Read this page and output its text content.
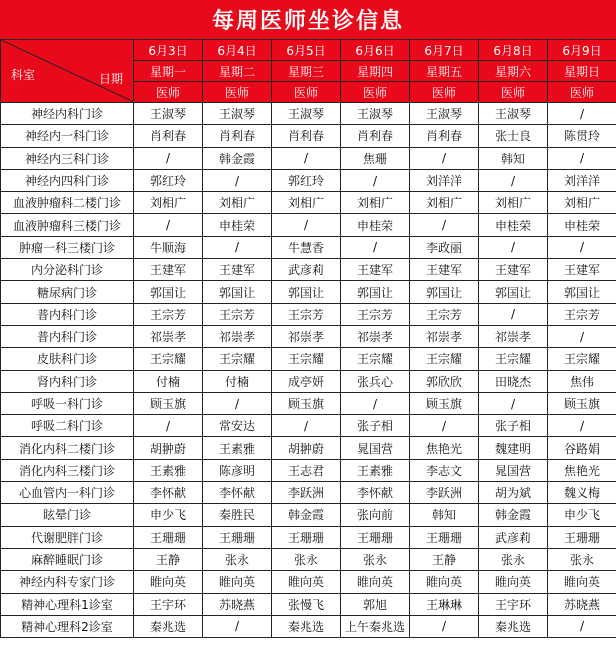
每周医师坐诊信息
科室 日期	6月3日	6月4日	6月5日	6月6日	6月7日	6月8日	6月9日
	星期一	星期二	星期三	星期四	星期五	星期六	星期日
	医师	医师	医师	医师	医师	医师	医师
神经内科门诊	王淑琴	王淑琴	王淑琴	王淑琴	王淑琴	王淑琴	/
神经内一科门诊	肖利春	肖利春	肖利春	肖利春	肖利春	张士良	陈贯玲
神经内三科门诊	/	韩金霞	/	焦珊	/	韩知	/
神经内四科门诊	郭红玲	/	郭红玲	/	刘洋洋	/	刘洋洋
血液肿瘤科二楼门诊	刘相广	刘相广	刘相广	刘相广	刘相广	刘相广	刘相广
血液肿瘤科三楼门诊	/	申桂荣	/	申桂荣	/	申桂荣	申桂荣
肿瘤一科三楼门诊	牛顺海	/	牛慧香	/	李政丽	/	/
内分泌科门诊	王建军	王建军	武彦莉	王建军	王建军	王建军	王建军
糖尿病门诊	郭国让	郭国让	郭国让	郭国让	郭国让	郭国让	郭国让
普内科门诊	王宗芳	王宗芳	王宗芳	王宗芳	王宗芳	/	王宗芳
普内科门诊	祁崇孝	祁崇孝	祁崇孝	祁崇孝	祁崇孝	祁崇孝	/
皮肤科门诊	王宗耀	王宗耀	王宗耀	王宗耀	王宗耀	王宗耀	王宗耀
肾内科门诊	付楠	付楠	成亭妍	张兵心	郭欣欣	田晓杰	焦伟
呼吸一科门诊	顾玉旗	/	顾玉旗	/	顾玉旗	/	顾玉旗
呼吸二科门诊	/	常安达	/	张子相	/	张子相	/
消化内科二楼门诊	胡翀蔚	王素雅	胡翀蔚	晁国营	焦艳光	魏建明	谷路娟
消化内科三楼门诊	王素雅	陈彦明	王志君	王素雅	李志文	晁国营	焦艳光
心血管内一科门诊	李怀献	李怀献	李跃洲	李怀献	李跃洲	胡为斌	魏义梅
眩晕门诊	申少飞	秦胜民	韩金霞	张向前	韩知	韩金霞	申少飞
代谢肥胖门诊	王珊珊	王珊珊	王珊珊	王珊珊	王珊珊	武彦莉	王珊珊
麻醉睡眠门诊	王静	张永	张永	张永	王静	张永	张永
神经内科专家门诊	睢向英	睢向英	睢向英	睢向英	睢向英	睢向英	睢向英
精神心理科1诊室	王宇环	苏晓燕	张慢飞	郭旭	王琳琳	王宇环	苏晓燕
精神心理科2诊室	秦兆选	/	秦兆选	上午秦兆选	/	秦兆选	/
